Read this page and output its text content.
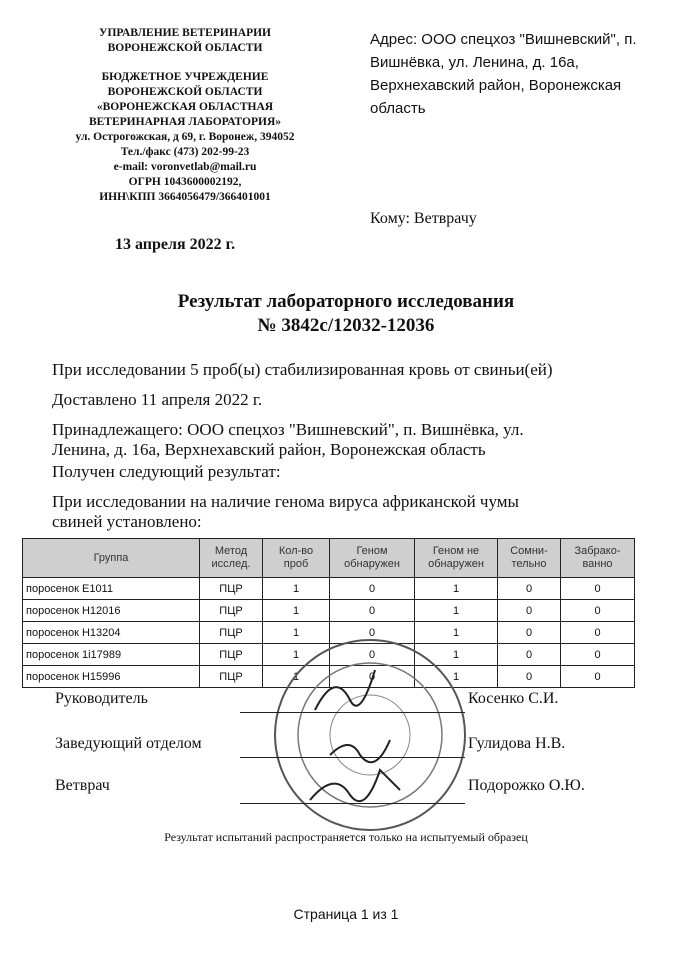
УПРАВЛЕНИЕ ВЕТЕРИНАРИИ
ВОРОНЕЖСКОЙ ОБЛАСТИ
БЮДЖЕТНОЕ УЧРЕЖДЕНИЕ
ВОРОНЕЖСКОЙ ОБЛАСТИ
«ВОРОНЕЖСКАЯ ОБЛАСТНАЯ
ВЕТЕРИНАРНАЯ ЛАБОРАТОРИЯ»
ул. Острогожская, д 69, г. Воронеж, 394052
Тел./факс (473) 202-99-23
e-mail: voronvetlab@mail.ru
ОГРН 1043600002192,
ИНН\КПП 3664056479/366401001
Адрес: ООО спецхоз "Вишневский", п. Вишнёвка, ул. Ленина, д. 16а, Верхнехавский район, Воронежская область
Кому: Ветврачу
13 апреля 2022 г.
Результат лабораторного исследования
№ 3842с/12032-12036
При исследовании 5 проб(ы) стабилизированная кровь от свиньи(ей)
Доставлено 11 апреля 2022 г.
Принадлежащего: ООО спецхоз "Вишневский", п. Вишнёвка, ул.
Ленина, д. 16а, Верхнехавский район, Воронежская область
Получен следующий результат:
При исследовании на наличие генома вируса африканской чумы
свиней установлено:
Группа	Метод исслед.	Кол-во проб	Геном обнаружен	Геном не обнаружен	Сомни-тельно	Забрако-ванно
поросенок E1011	ПЦР	1	0	1	0	0
поросенок H12016	ПЦР	1	0	1	0	0
поросенок H13204	ПЦР	1	0	1	0	0
поросенок 1i17989	ПЦР	1	0	1	0	0
поросенок H15996	ПЦР	1	0	1	0	0
Руководитель	Косенко С.И.
Заведующий отделом	Гулидова Н.В.
Ветврач	Подорожко О.Ю.
Результат испытаний распространяется только на испытуемый образец
Страница 1 из 1
